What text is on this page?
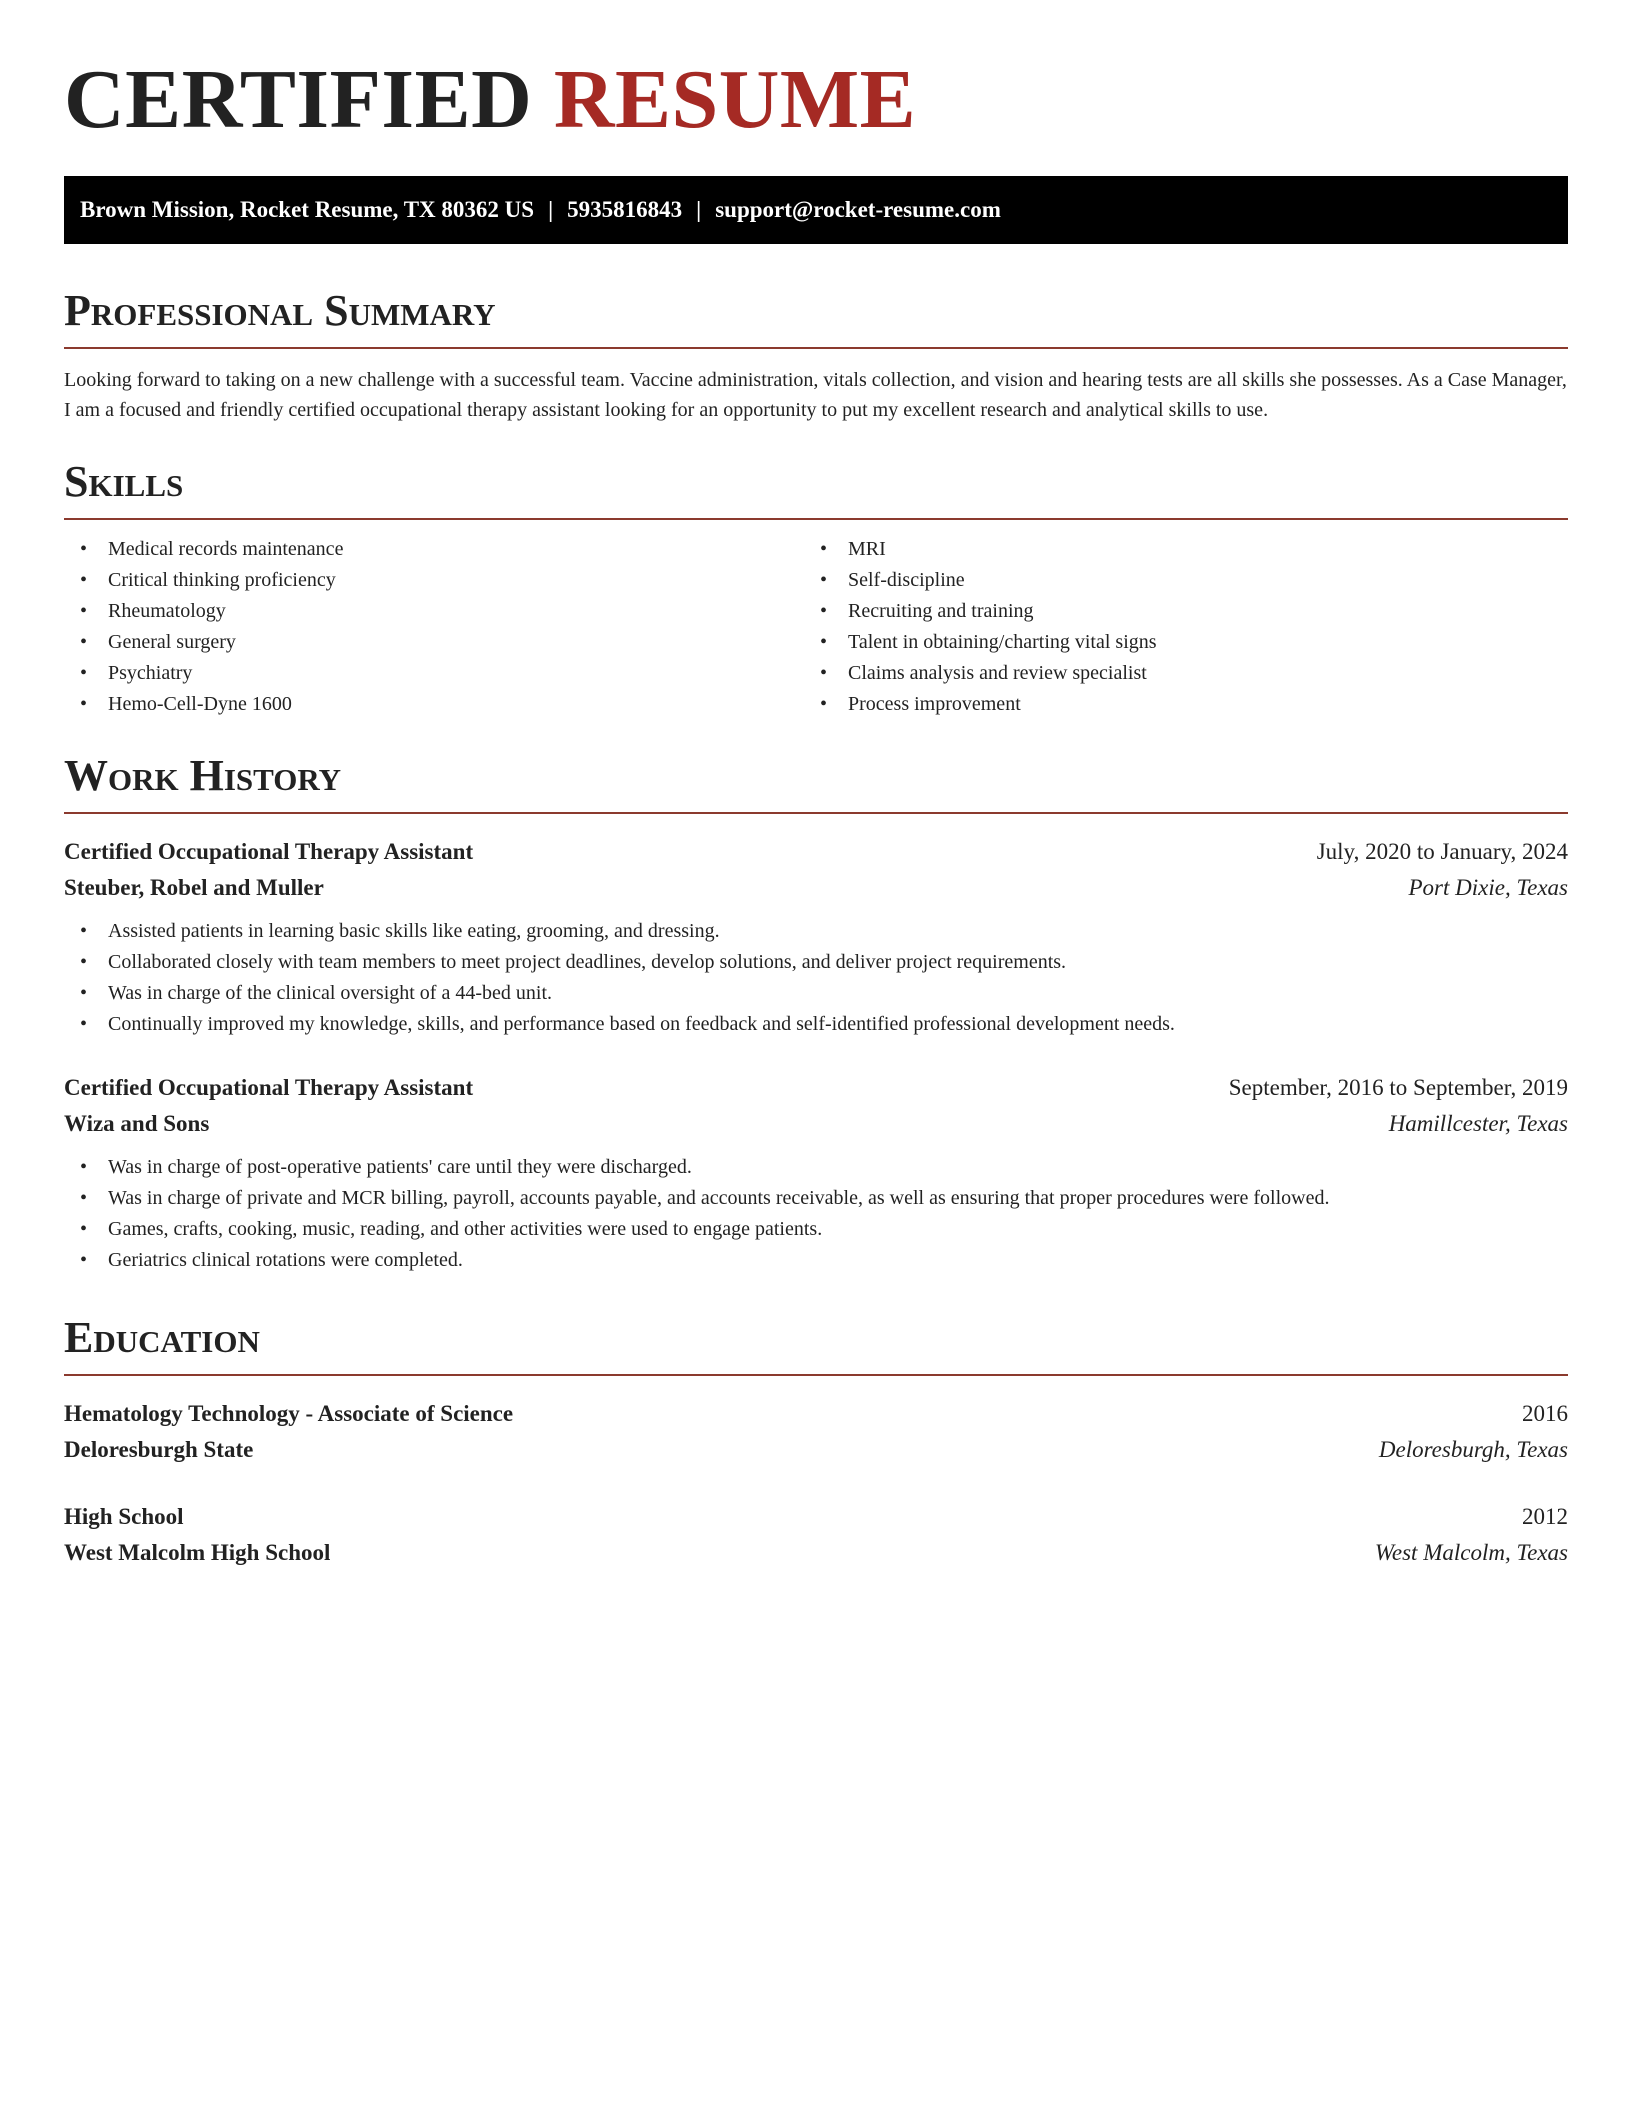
CERTIFIED RESUME
Brown Mission, Rocket Resume, TX 80362 US | 5935816843 | support@rocket-resume.com
Professional Summary

Looking forward to taking on a new challenge with a successful team. Vaccine administration, vitals collection, and vision and hearing tests are all skills she possesses. As a Case Manager, I am a focused and friendly certified occupational therapy assistant looking for an opportunity to put my excellent research and analytical skills to use.

Skills
• Medical records maintenance
• Critical thinking proficiency
• Rheumatology
• General surgery
• Psychiatry
• Hemo-Cell-Dyne 1600
• MRI
• Self-discipline
• Recruiting and training
• Talent in obtaining/charting vital signs
• Claims analysis and review specialist
• Process improvement
Work History
Certified Occupational Therapy Assistant	July, 2020 to January, 2024
Steuber, Robel and Muller	Port Dixie, Texas
• Assisted patients in learning basic skills like eating, grooming, and dressing.
• Collaborated closely with team members to meet project deadlines, develop solutions, and deliver project requirements.
• Was in charge of the clinical oversight of a 44-bed unit.
• Continually improved my knowledge, skills, and performance based on feedback and self-identified professional development needs.
Certified Occupational Therapy Assistant	September, 2016 to September, 2019
Wiza and Sons	Hamillcester, Texas
• Was in charge of post-operative patients' care until they were discharged.
• Was in charge of private and MCR billing, payroll, accounts payable, and accounts receivable, as well as ensuring that proper procedures were followed.
• Games, crafts, cooking, music, reading, and other activities were used to engage patients.
• Geriatrics clinical rotations were completed.
Education
Hematology Technology - Associate of Science	2016
Deloresburgh State	Deloresburgh, Texas
High School	2012
West Malcolm High School	West Malcolm, Texas
